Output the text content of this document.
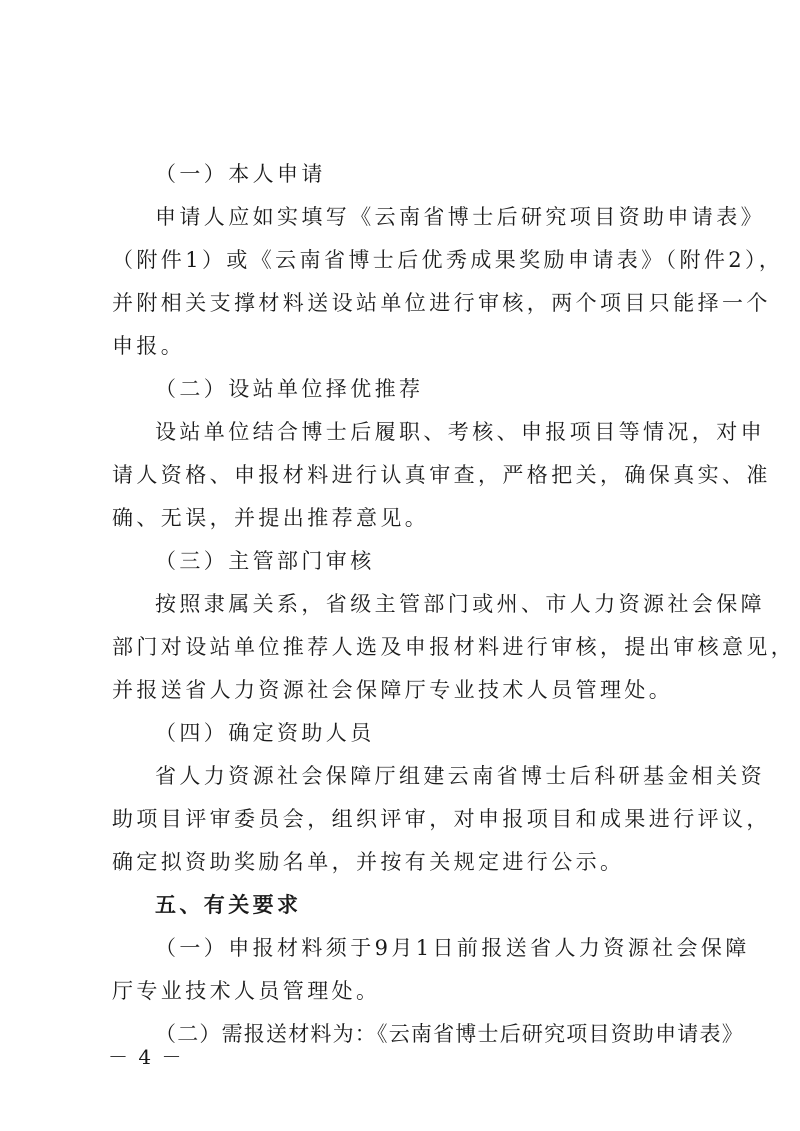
（一）本人申请
申请人应如实填写《云南省博士后研究项目资助申请表》
（附件1）或《云南省博士后优秀成果奖励申请表》（附件2），
并附相关支撑材料送设站单位进行审核，两个项目只能择一个
申报。
（二）设站单位择优推荐
设站单位结合博士后履职、考核、申报项目等情况，对申
请人资格、申报材料进行认真审查，严格把关，确保真实、准
确、无误，并提出推荐意见。
（三）主管部门审核
按照隶属关系，省级主管部门或州、市人力资源社会保障
部门对设站单位推荐人选及申报材料进行审核，提出审核意见，
并报送省人力资源社会保障厅专业技术人员管理处。
（四）确定资助人员
省人力资源社会保障厅组建云南省博士后科研基金相关资
助项目评审委员会，组织评审，对申报项目和成果进行评议，
确定拟资助奖励名单，并按有关规定进行公示。
五、有关要求
（一）申报材料须于9月1日前报送省人力资源社会保障
厅专业技术人员管理处。
（二）需报送材料为：《云南省博士后研究项目资助申请表》
－ 4 －
